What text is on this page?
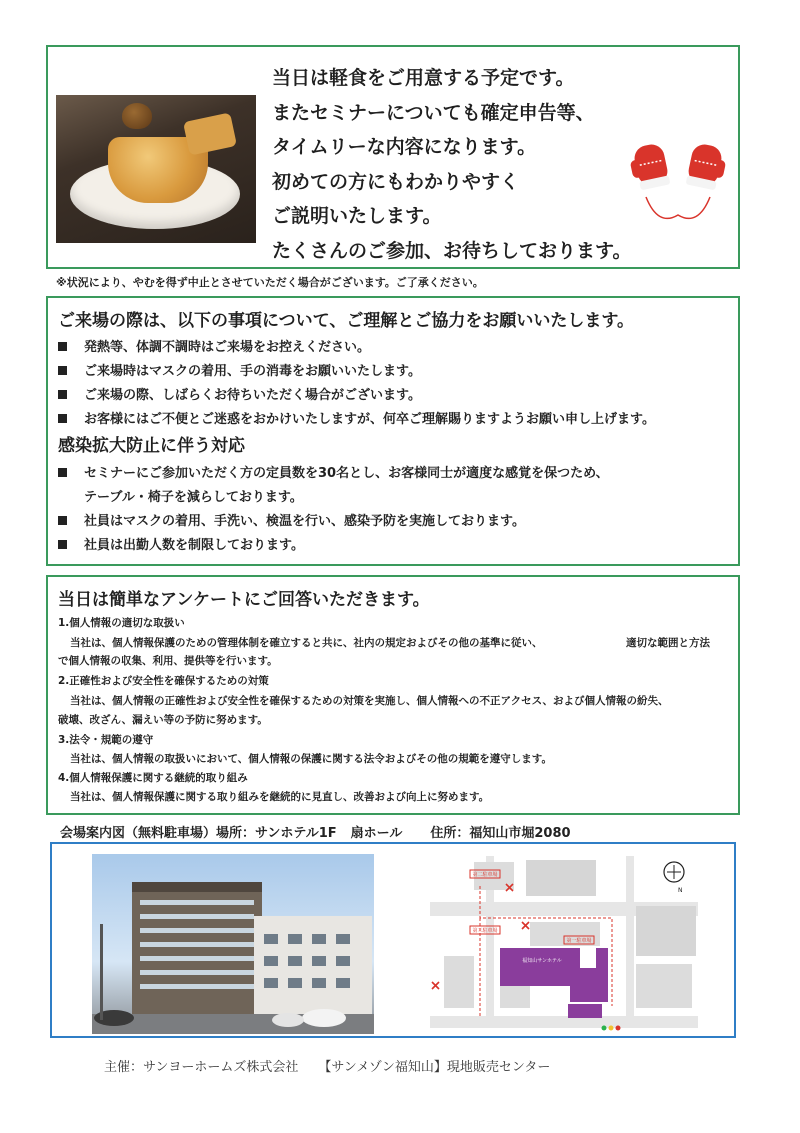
当日は軽食をご用意する予定です。
またセミナーについても確定申告等、
タイムリーな内容になります。
初めての方にもわかりやすく
ご説明いたします。
たくさんのご参加、お待ちしております。
※状況により、やむを得ず中止とさせていただく場合がございます。ご了承ください。
ご来場の際は、以下の事項について、ご理解とご協力をお願いいたします。
発熱等、体調不調時はご来場をお控えください。
ご来場時はマスクの着用、手の消毒をお願いいたします。
ご来場の際、しばらくお待ちいただく場合がございます。
お客様にはご不便とご迷惑をおかけいたしますが、何卒ご理解賜りますようお願い申し上げます。
感染拡大防止に伴う対応
セミナーにご参加いただく方の定員数を30名とし、お客様同士が適度な感覚を保つため、
テーブル・椅子を減らしております。
社員はマスクの着用、手洗い、検温を行い、感染予防を実施しております。
社員は出勤人数を制限しております。
当日は簡単なアンケートにご回答いただきます。
1.個人情報の適切な取扱い
当社は、個人情報保護のための管理体制を確立すると共に、社内の規定およびその他の基準に従い、	適切な範囲と方法
で個人情報の収集、利用、提供等を行います。
2.正確性および安全性を確保するための対策
当社は、個人情報の正確性および安全性を確保するための対策を実施し、個人情報への不正アクセス、および個人情報の紛失、
破壊、改ざん、漏えい等の予防に努めます。
3.法令・規範の遵守
当社は、個人情報の取扱いにおいて、個人情報の保護に関する法令およびその他の規範を遵守します。
4.個人情報保護に関する継続的取り組み
当社は、個人情報保護に関する取り組みを継続的に見直し、改善および向上に努めます。
会場案内図（無料駐車場）場所：サンホテル1F 扇ホール 住所：福知山市堀2080
第二駐車場
第三駐車場
第一駐車場
福知山サンホテル
N
主催：サンヨーホームズ株式会社 【サンメゾン福知山】現地販売センター
